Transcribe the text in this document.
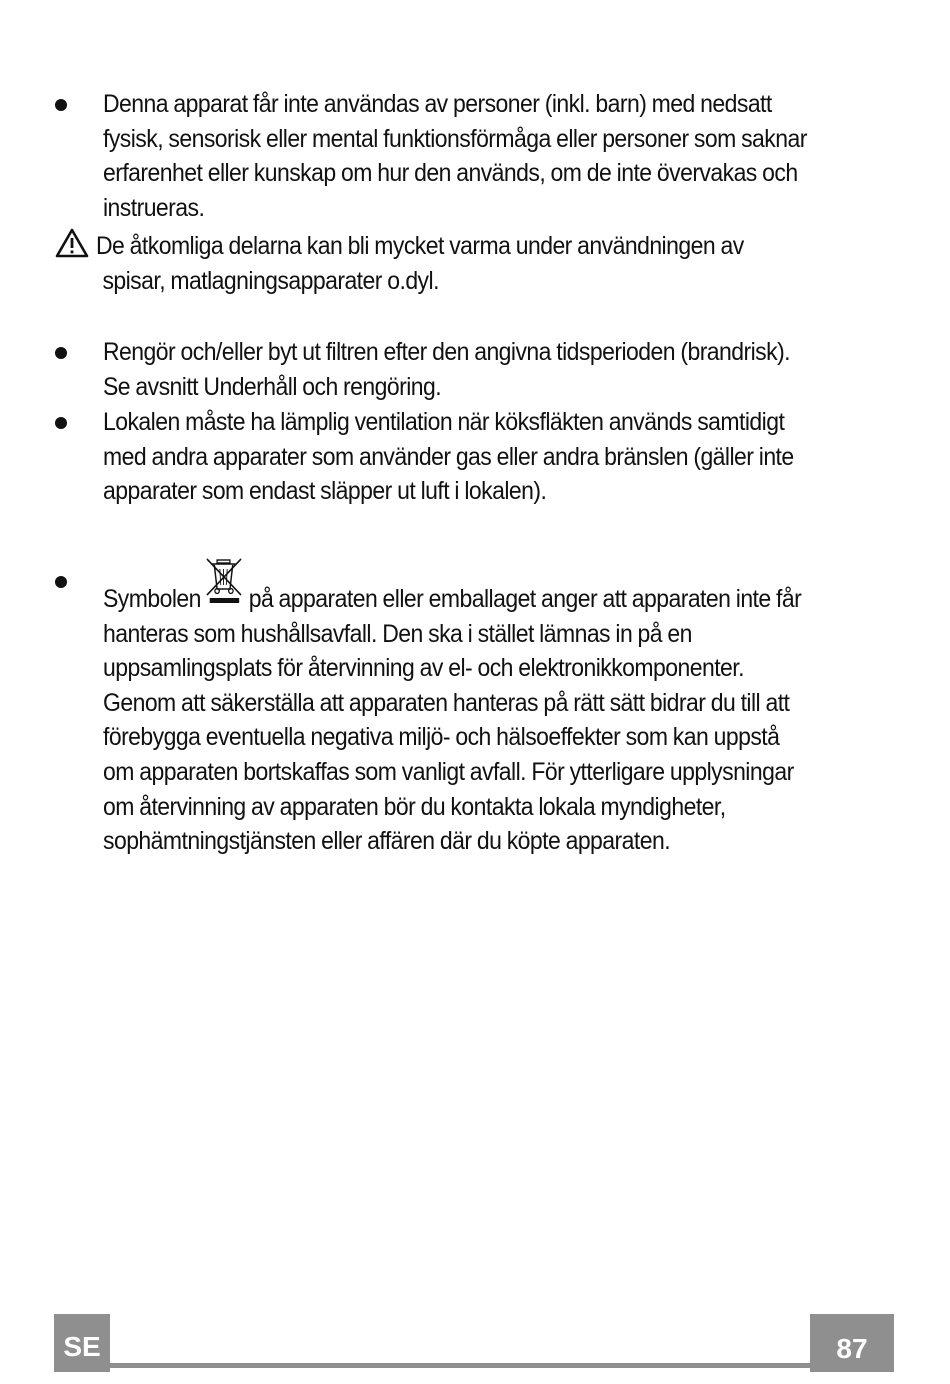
Denna apparat får inte användas av personer (inkl. barn) med nedsatt
fysisk, sensorisk eller mental funktionsförmåga eller personer som saknar
erfarenhet eller kunskap om hur den används, om de inte övervakas och
instrueras.
De åtkomliga delarna kan bli mycket varma under användningen av
spisar, matlagningsapparater o.dyl.
Rengör och/eller byt ut filtren efter den angivna tidsperioden (brandrisk).
Se avsnitt Underhåll och rengöring.
Lokalen måste ha lämplig ventilation när köksfläkten används samtidigt
med andra apparater som använder gas eller andra bränslen (gäller inte
apparater som endast släpper ut luft i lokalen).
Symbolen på apparaten eller emballaget anger att apparaten inte får
hanteras som hushållsavfall. Den ska i stället lämnas in på en
uppsamlingsplats för återvinning av el- och elektronikkomponenter.
Genom att säkerställa att apparaten hanteras på rätt sätt bidrar du till att
förebygga eventuella negativa miljö- och hälsoeffekter som kan uppstå
om apparaten bortskaffas som vanligt avfall. För ytterligare upplysningar
om återvinning av apparaten bör du kontakta lokala myndigheter,
sophämtningstjänsten eller affären där du köpte apparaten.
SE	87
